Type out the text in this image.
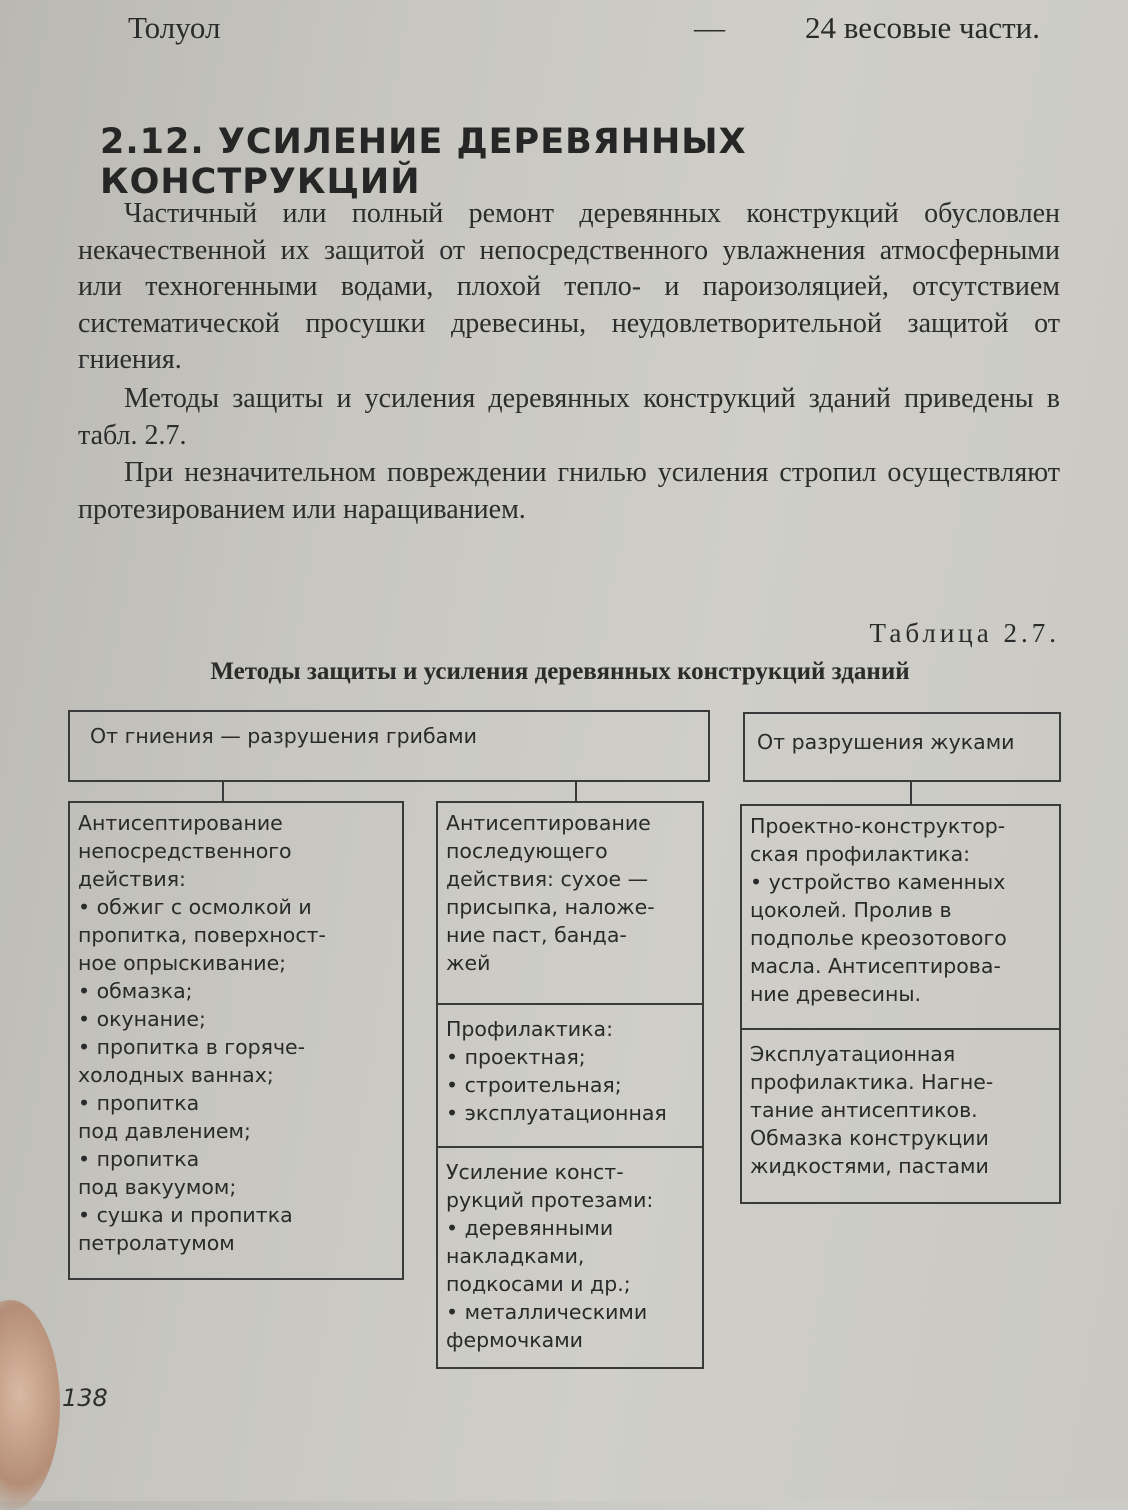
Толуол	—	24 весовые части.
2.12. УСИЛЕНИЕ ДЕРЕВЯННЫХ КОНСТРУКЦИЙ

Частичный или полный ремонт деревянных конструкций обусловлен некачественной их защитой от непосредственного увлажнения атмосферными или техногенными водами, плохой тепло- и пароизоляцией, отсутствием систематической просушки древесины, неудовлетворительной защитой от гниения.

Методы защиты и усиления деревянных конструкций зданий приведены в табл. 2.7.

При незначительном повреждении гнилью усиления стропил осуществляют протезированием или наращиванием.

Таблица 2.7.
Методы защиты и усиления деревянных конструкций зданий
От гниения — разрушения грибами	От разрушения жуками
Антисептирование
непосредственного
действия:
• обжиг с осмолкой и
пропитка, поверхност-
ное опрыскивание;
• обмазка;
• окунание;
• пропитка в горяче-
холодных ваннах;
• пропитка
под давлением;
• пропитка
под вакуумом;
• сушка и пропитка
петролатумом
Антисептирование
последующего
действия: сухое —
присыпка, наложе-
ние паст, банда-
жей
Профилактика:
• проектная;
• строительная;
• эксплуатационная
Усиление конст-
рукций протезами:
• деревянными
накладками,
подкосами и др.;
• металлическими
фермочками
Проектно-конструктор-
ская профилактика:
• устройство каменных
цоколей. Пролив в
подполье креозотового
масла. Антисептирова-
ние древесины.
Эксплуатационная
профилактика. Нагне-
тание антисептиков.
Обмазка конструкции
жидкостями, пастами
138
